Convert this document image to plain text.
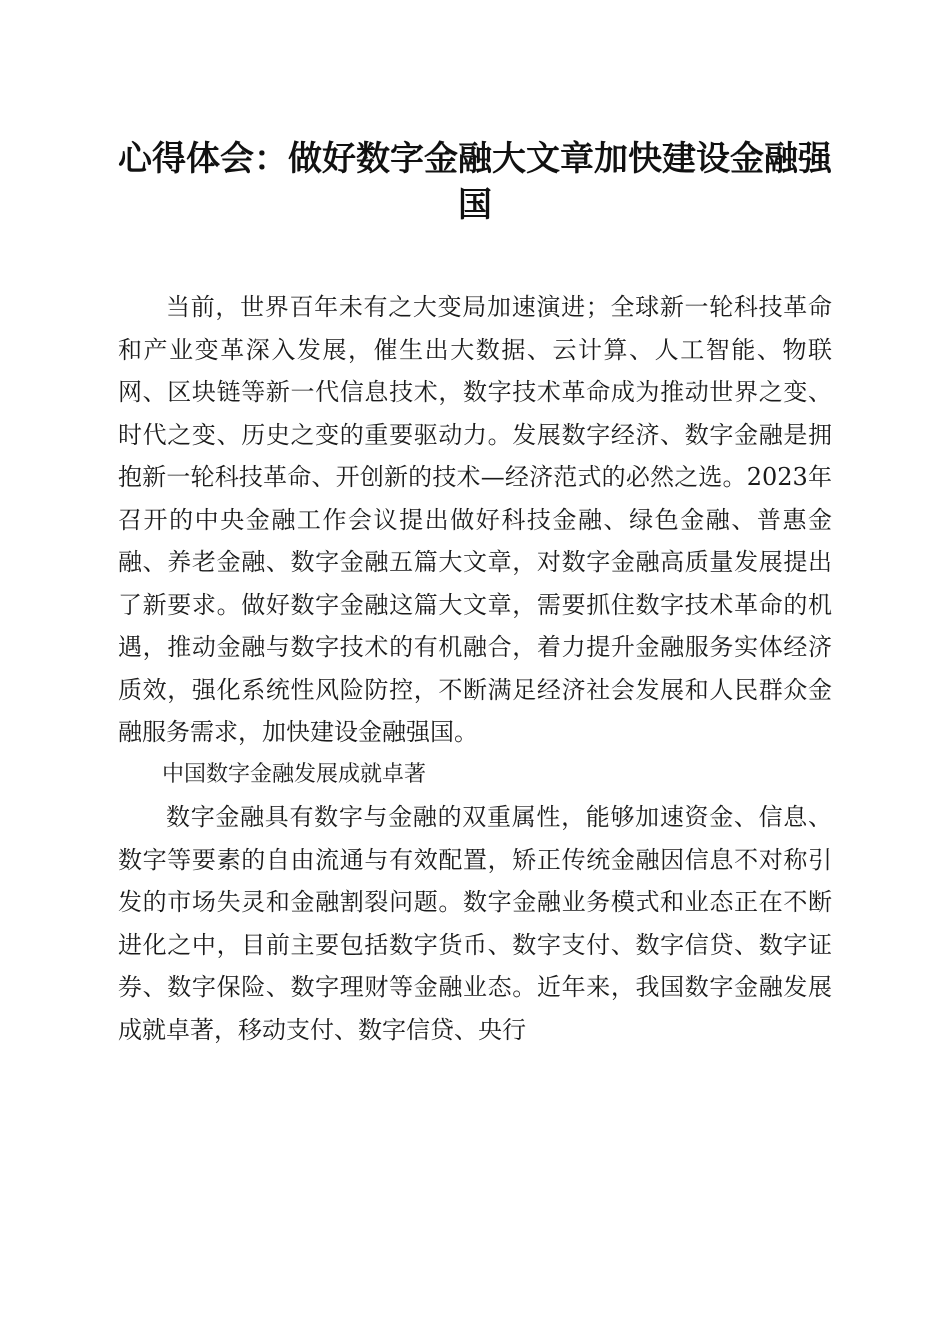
心得体会：做好数字金融大文章加快建设金融强国

当前，世界百年未有之大变局加速演进；全球新一轮科技革命和产业变革深入发展，催生出大数据、云计算、人工智能、物联网、区块链等新一代信息技术，数字技术革命成为推动世界之变、时代之变、历史之变的重要驱动力。发展数字经济、数字金融是拥抱新一轮科技革命、开创新的技术—经济范式的必然之选。2023年召开的中央金融工作会议提出做好科技金融、绿色金融、普惠金融、养老金融、数字金融五篇大文章，对数字金融高质量发展提出了新要求。做好数字金融这篇大文章，需要抓住数字技术革命的机遇，推动金融与数字技术的有机融合，着力提升金融服务实体经济质效，强化系统性风险防控，不断满足经济社会发展和人民群众金融服务需求，加快建设金融强国。

中国数字金融发展成就卓著

数字金融具有数字与金融的双重属性，能够加速资金、信息、数字等要素的自由流通与有效配置，矫正传统金融因信息不对称引发的市场失灵和金融割裂问题。数字金融业务模式和业态正在不断进化之中，目前主要包括数字货币、数字支付、数字信贷、数字证券、数字保险、数字理财等金融业态。近年来，我国数字金融发展成就卓著，移动支付、数字信贷、央行
